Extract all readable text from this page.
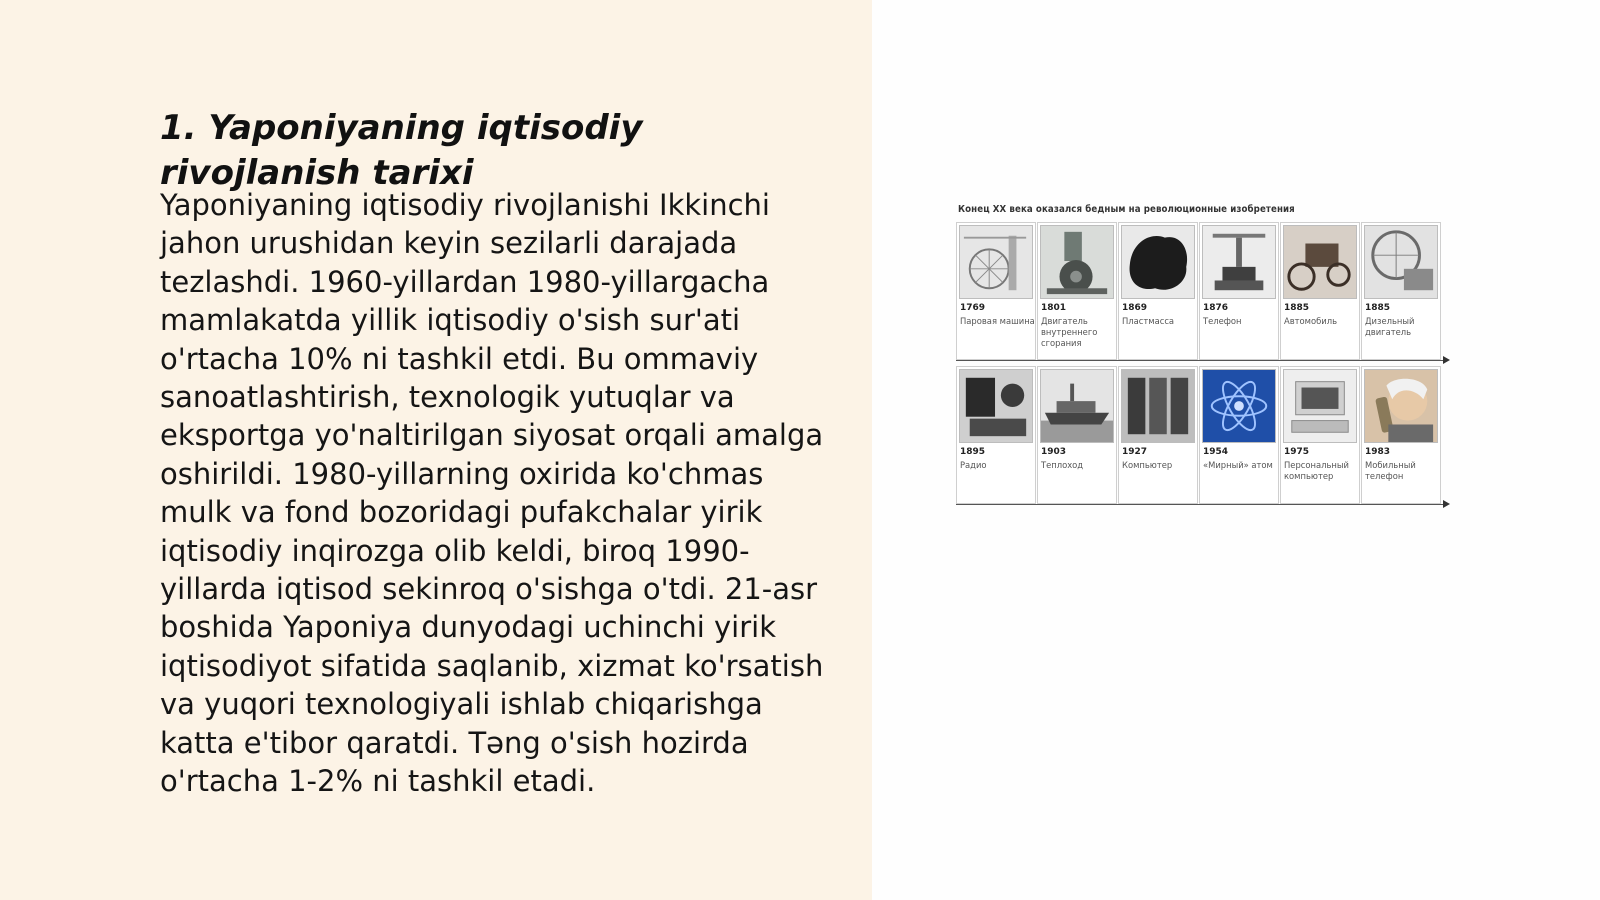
1. Yaponiyaning iqtisodiy rivojlanish tarixi

Yaponiyaning iqtisodiy rivojlanishi Ikkinchi jahon urushidan keyin sezilarli darajada tezlashdi. 1960-yillardan 1980-yillargacha mamlakatda yillik iqtisodiy o'sish sur'ati o'rtacha 10% ni tashkil etdi. Bu ommaviy sanoatlashtirish, texnologik yutuqlar va eksportga yo'naltirilgan siyosat orqali amalga oshirildi. 1980-yillarning oxirida ko'chmas mulk va fond bozoridagi pufakchalar yirik iqtisodiy inqirozga olib keldi, biroq 1990-yillarda iqtisod sekinroq o'sishga o'tdi. 21-asr boshida Yaponiya dunyodagi uchinchi yirik iqtisodiyot sifatida saqlanib, xizmat ko'rsatish va yuqori texnologiyali ishlab chiqarishga katta e'tibor qaratdi. Təng o'sish hozirda o'rtacha 1-2% ni tashkil etadi.

Конец XX века оказался бедным на революционные изобретения
1769
Паровая машина
1801
Двигатель внутреннего сгорания
1869
Пластмасса
1876
Телефон
1885
Автомобиль
1885
Дизельный двигатель
1895
Радио
1903
Теплоход
1927
Компьютер
1954
«Мирный» атом
1975
Персональный компьютер
1983
Мобильный телефон
